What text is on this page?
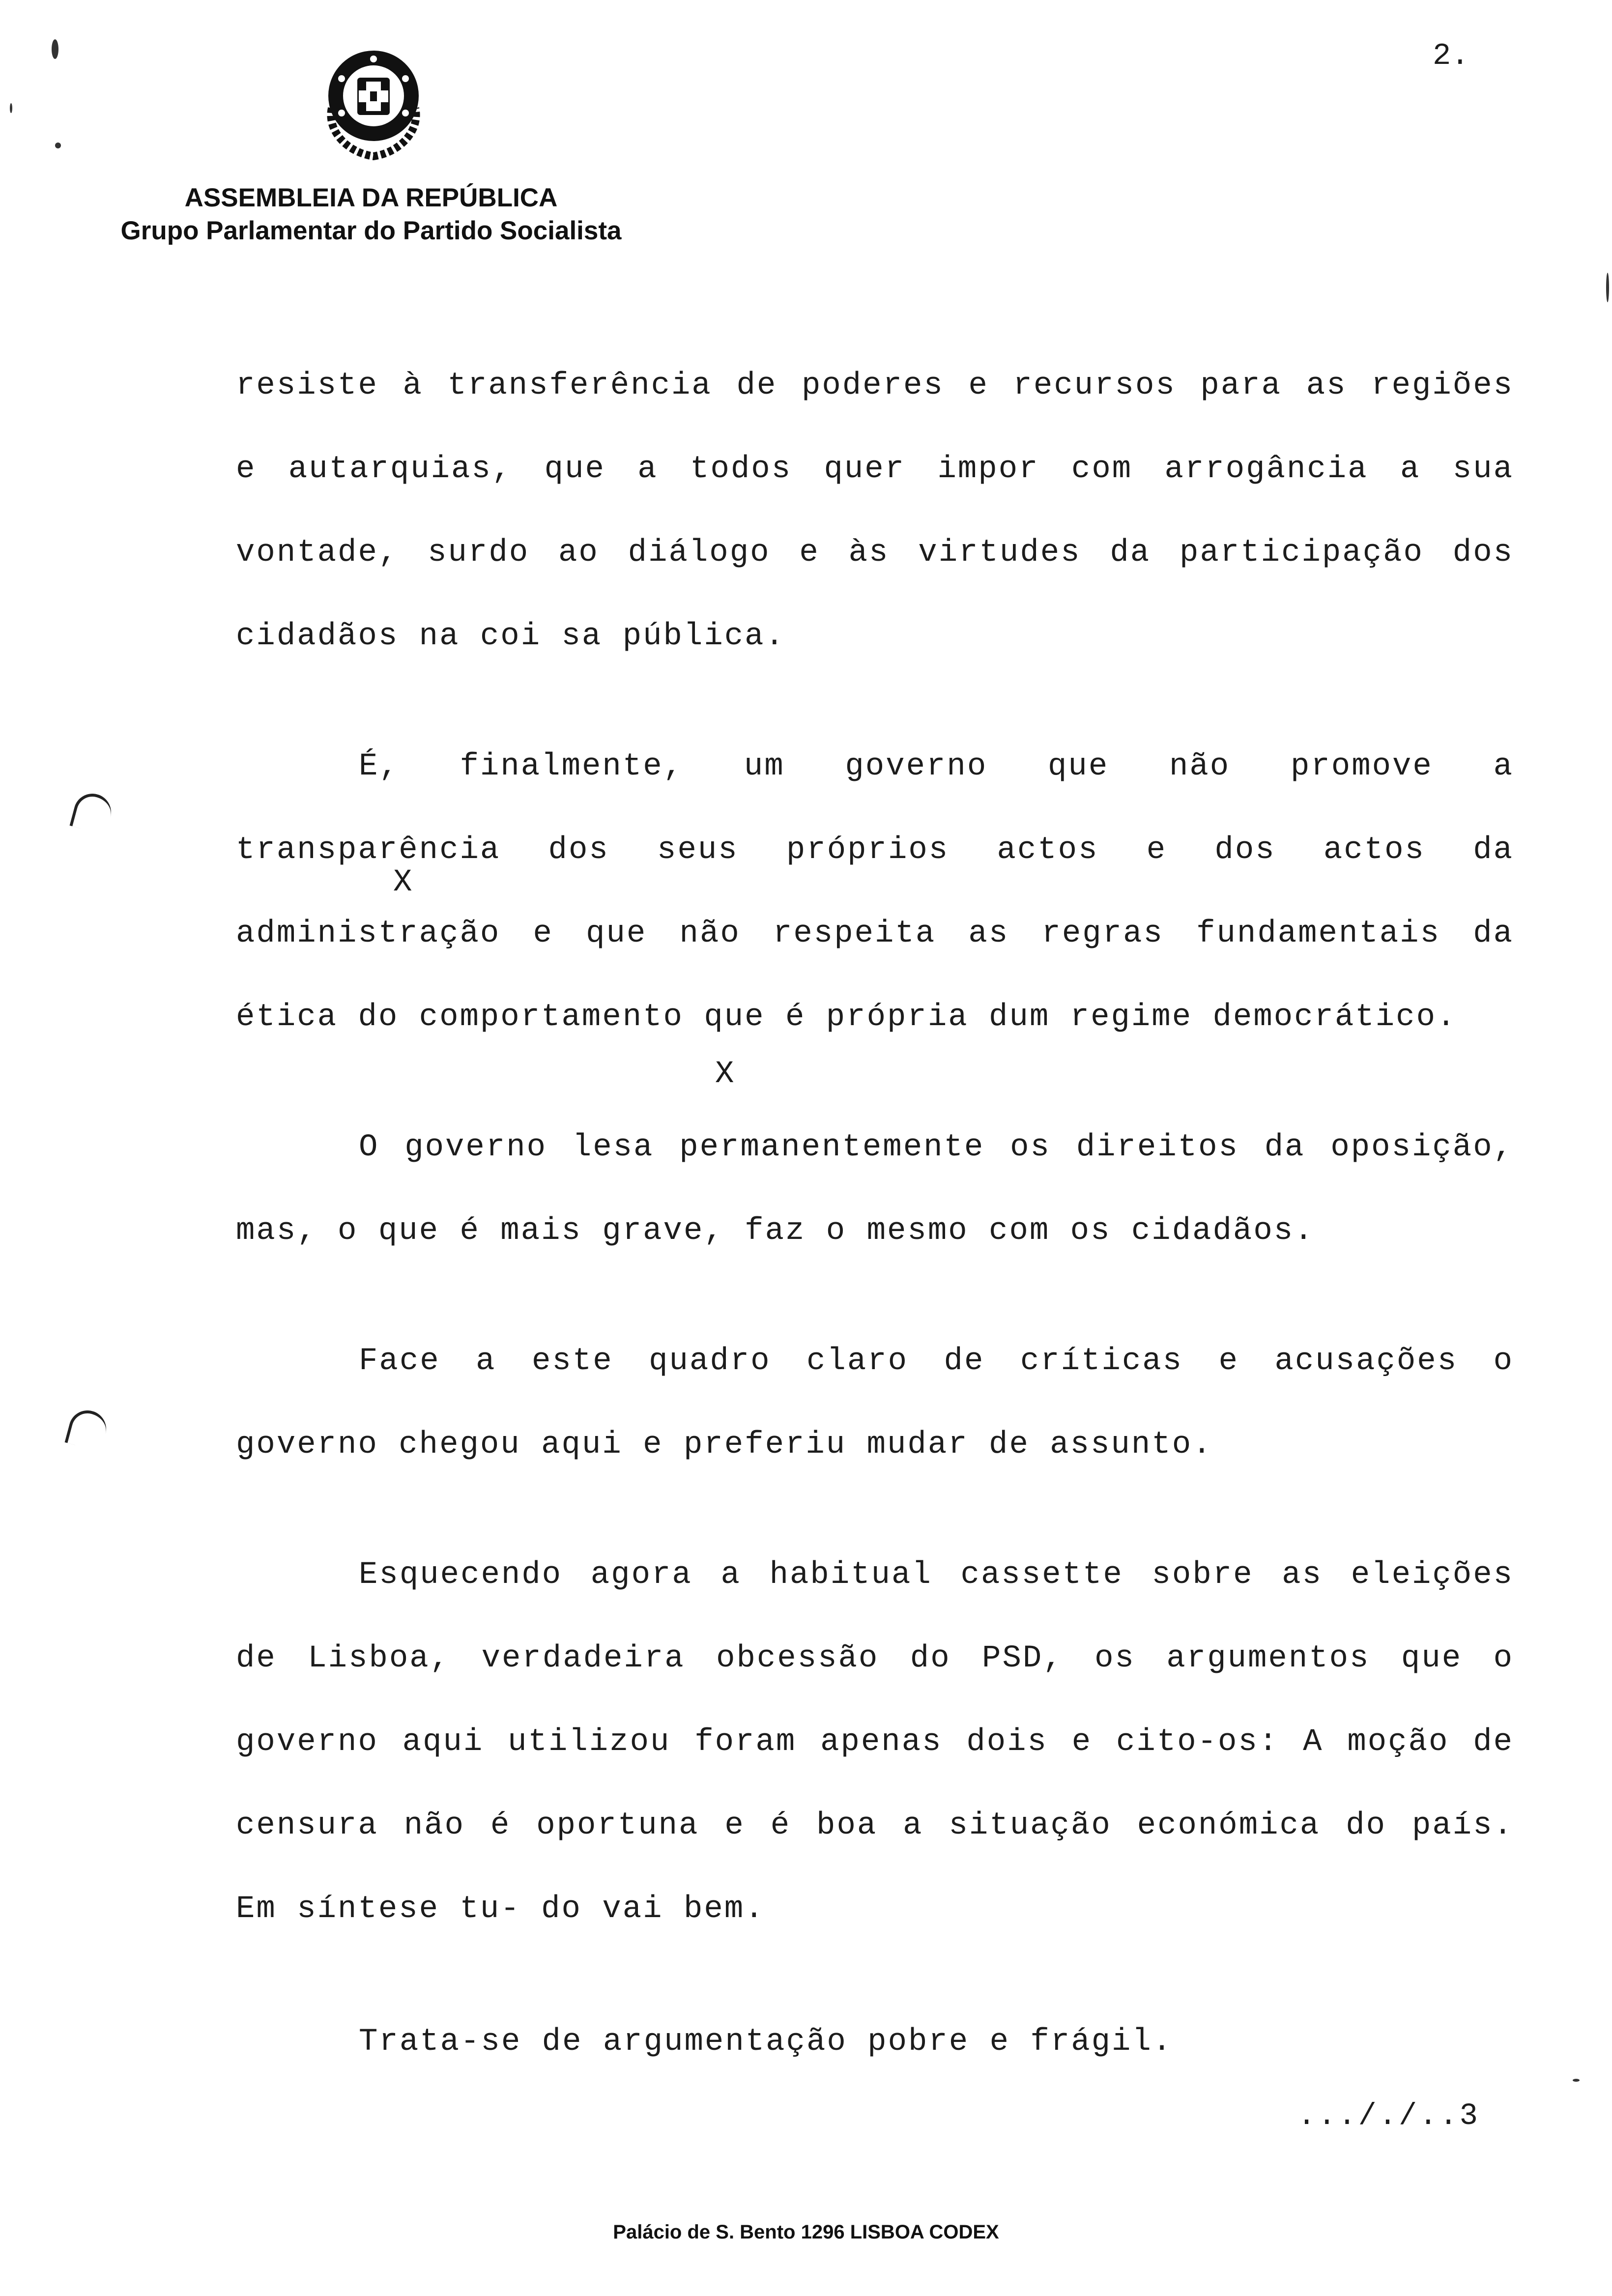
ASSEMBLEIA DA REPÚBLICA
Grupo Parlamentar do Partido Socialista
2.

resiste à transferência de poderes e recursos para as regiões e autarquias, que a todos quer impor com arrogância a sua vontade, surdo ao diálogo e às virtudes da participação dos cidadãos na coi sa pública.

É, finalmente, um governo que não promove a transparência dos seus próprios actos e dos actos da administração e que não respeita as regras fundamentais da ética do comportamento que é própria dum regime democrático.

O governo lesa permanentemente os direitos da oposição, mas, o que é mais grave, faz o mesmo com os cidadãos.

Face a este quadro claro de críticas e acusações o governo chegou aqui e preferiu mudar de assunto.

Esquecendo agora a habitual cassette sobre as eleições de Lisboa, verdadeira obcessão do PSD, os argumentos que o governo aqui utilizou foram apenas dois e cito-os: A moção de censura não é oportuna e é boa a situação económica do país. Em síntese tu- do vai bem.

Trata-se de argumentação pobre e frágil.

X
X
..././..3
Palácio de S. Bento 1296 LISBOA CODEX
